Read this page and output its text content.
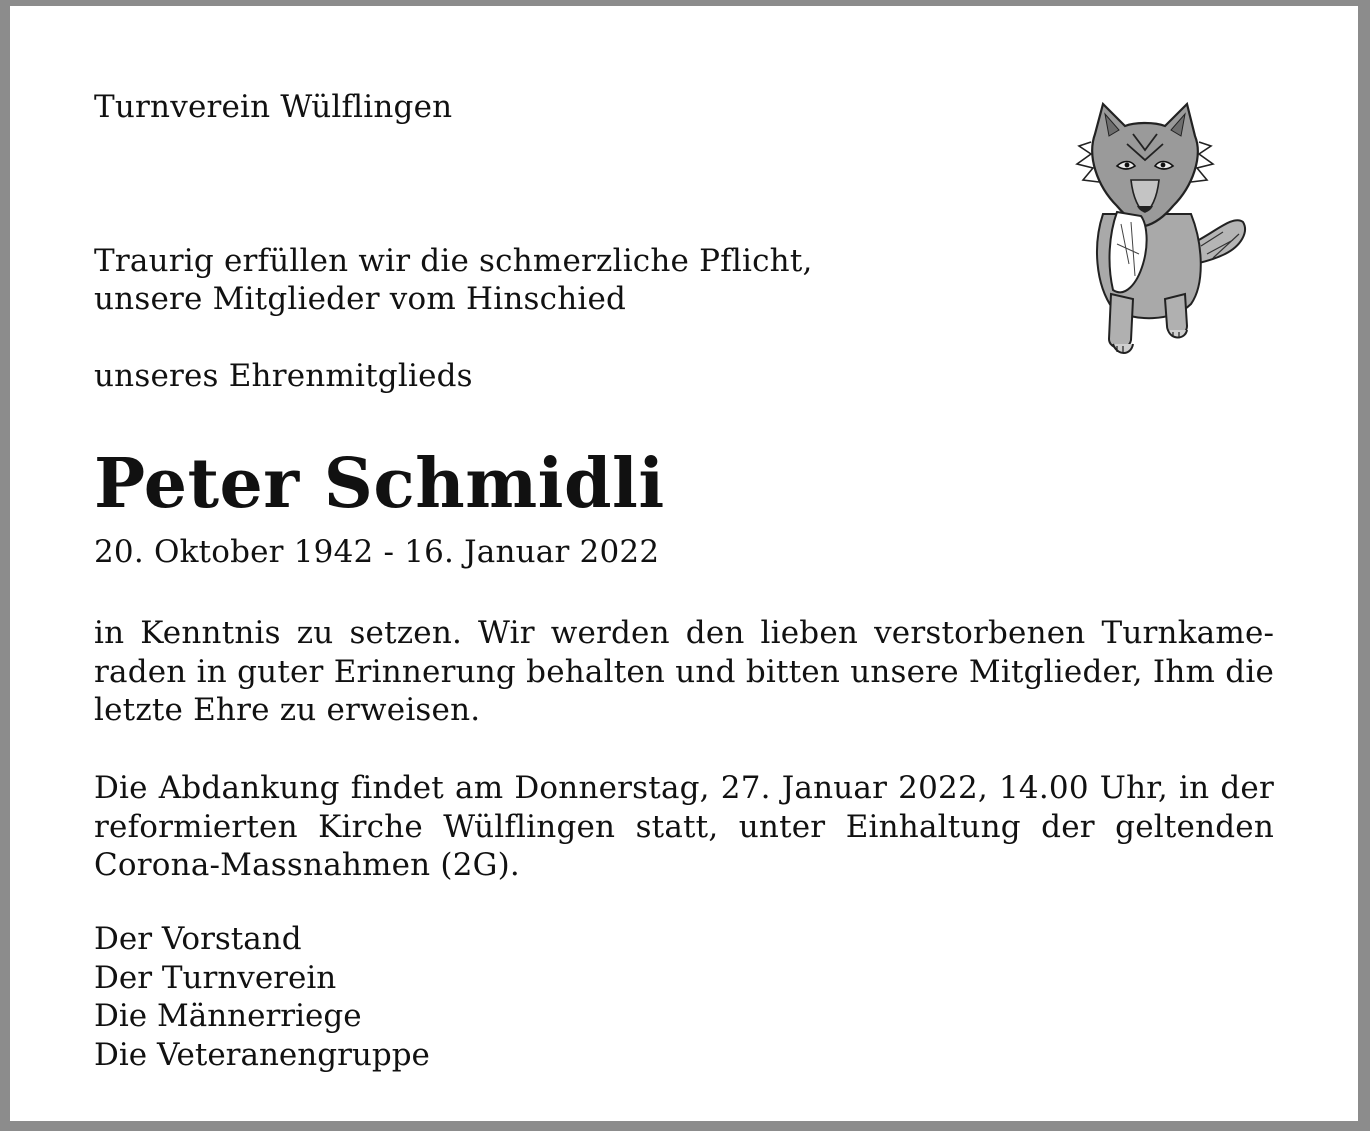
Turnverein Wülflingen
Traurig erfüllen wir die schmerzliche Pflicht,
unsere Mitglieder vom Hinschied
unseres Ehrenmitglieds
Peter Schmidli
20. Oktober 1942 - 16. Januar 2022
in Kenntnis zu setzen. Wir werden den lieben verstorbenen Turnkameraden in guter Erinnerung behalten und bitten unsere Mitglieder, Ihm die letzte Ehre zu erweisen.
Die Abdankung findet am Donnerstag, 27. Januar 2022, 14.00 Uhr, in der reformierten Kirche Wülflingen statt, unter Einhaltung der geltenden Corona-Massnahmen (2G).
Der Vorstand
Der Turnverein
Die Männerriege
Die Veteranengruppe
